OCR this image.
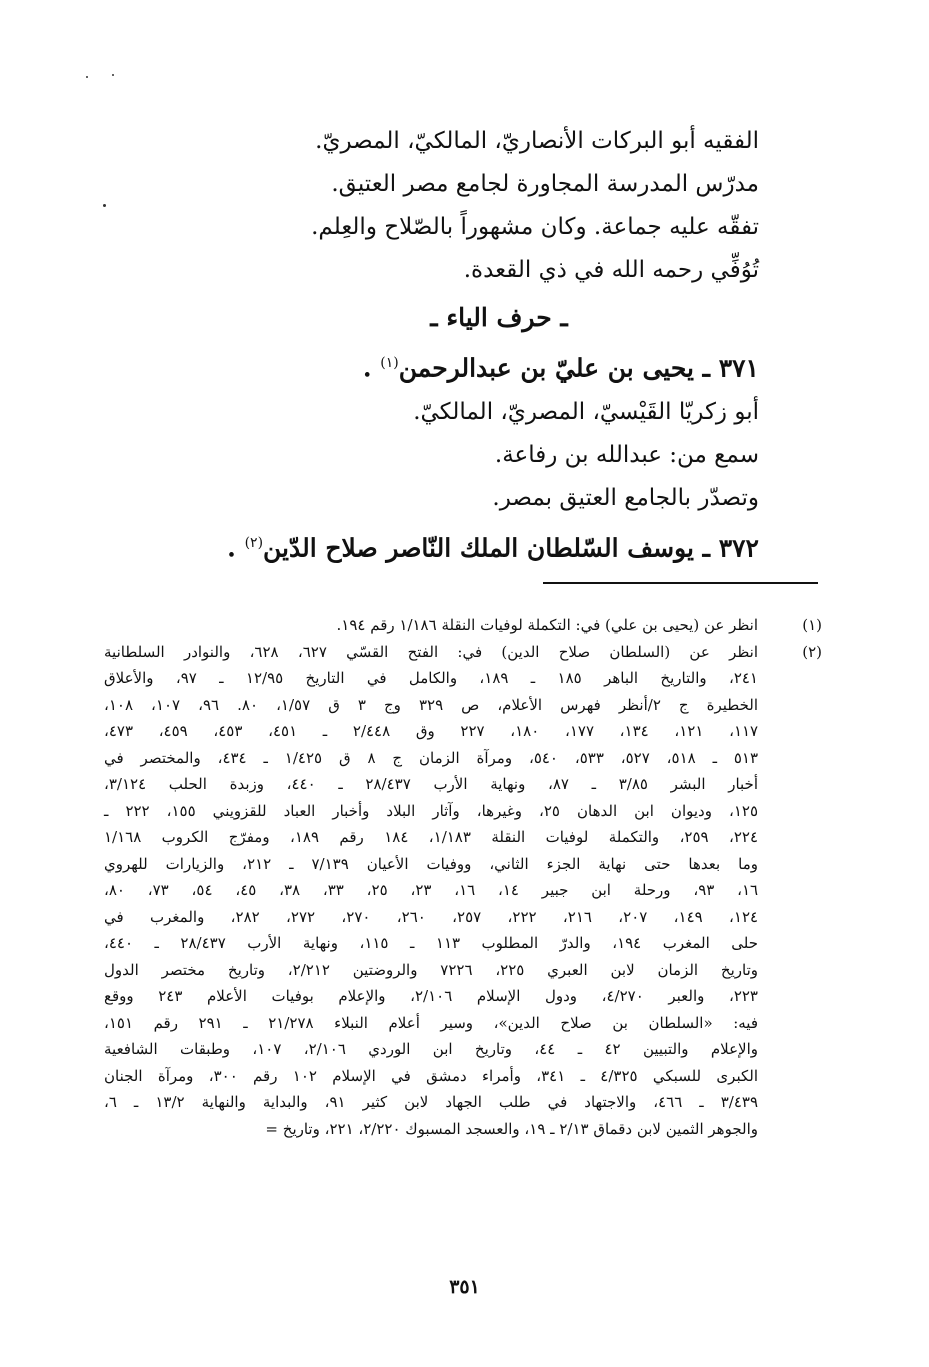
الفقيه أبو البركات الأنصاريّ، المالكيّ، المصريّ.

مدرّس المدرسة المجاورة لجامع مصر العتيق.

تفقّه عليه جماعة. وكان مشهوراً بالصّلاح والعِلم.

تُوُفِّي رحمه الله في ذي القعدة.

ـ حرف الياء ـ
٣٧١ ـ يحيى بن عليّ بن عبدالرحمن$^{(١)}$ .

أبو زكريّا القَيْسيّ، المصريّ، المالكيّ.

سمع من: عبدالله بن رفاعة.

وتصدّر بالجامع العتيق بمصر.

٣٧٢ ـ يوسف السّلطان الملك النّاصر صلاح الدّين$^{(٢)}$ .
(١)
انظر عن (يحيى بن علي) في: التكملة لوفيات النقلة ١/١٨٦ رقم ١٩٤.
(٢)
انظر عن (السلطان صلاح الدين) في: الفتح القسّي ٦٢٧، ٦٢٨، والنوادر السلطانية
٢٤١، والتاريخ الباهر ١٨٥ ـ ١٨٩، والكامل في التاريخ ١٢/٩٥ ـ ٩٧، والأعلاق
الخطيرة ج ٢/أنظر فهرس الأعلام، ص ٣٢٩ وج ٣ ق ١/٥٧، ٨٠. ٩٦، ١٠٧، ١٠٨،
١١٧، ١٢١، ١٣٤، ١٧٧، ١٨٠، ٢٢٧ وق ٢/٤٤٨ ـ ٤٥١، ٤٥٣، ٤٥٩، ٤٧٣،
٥١٣ ـ ٥١٨، ٥٢٧، ٥٣٣، ٥٤٠، ومرآة الزمان ج ٨ ق ١/٤٢٥ ـ ٤٣٤، والمختصر في
أخبار البشر ٣/٨٥ ـ ٨٧، ونهاية الأرب ٢٨/٤٣٧ ـ ٤٤٠، وزبدة الحلب ٣/١٢٤،
١٢٥، وديوان ابن الدهان ٢٥، وغيرها، وآثار البلاد وأخبار العباد للقزويني ١٥٥، ٢٢٢ ـ
٢٢٤، ٢٥٩، والتكملة لوفيات النقلة ١/١٨٣، ١٨٤ رقم ١٨٩، ومفرّج الكروب ١/١٦٨
وما بعدها حتى نهاية الجزء الثاني، ووفيات الأعيان ٧/١٣٩ ـ ٢١٢، والزيارات للهروي
١٦، ٩٣، ورحلة ابن جبير ١٤، ١٦، ٢٣، ٢٥، ٣٣، ٣٨، ٤٥، ٥٤، ٧٣، ٨٠،
١٢٤، ١٤٩، ٢٠٧، ٢١٦، ٢٢٢، ٢٥٧، ٢٦٠، ٢٧٠، ٢٧٢، ٢٨٢، والمغرب في
حلى المغرب ١٩٤، والدرّ المطلوب ١١٣ ـ ١١٥، ونهاية الأرب ٢٨/٤٣٧ ـ ٤٤٠،
وتاريخ الزمان لابن العبري ٢٢٥، ٧٢٢٦ والروضتين ٢/٢١٢، وتاريخ مختصر الدول
٢٢٣، والعبر ٤/٢٧٠، ودول الإسلام ٢/١٠٦، والإعلام بوفيات الأعلام ٢٤٣ ووقع
فيه: «السلطان بن صلاح الدين»، وسير أعلام النبلاء ٢١/٢٧٨ ـ ٢٩١ رقم ١٥١،
والإعلام والتبيين ٤٢ ـ ٤٤، وتاريخ ابن الوردي ٢/١٠٦، ١٠٧، وطبقات الشافعية
الكبرى للسبكي ٤/٣٢٥ ـ ٣٤١، وأمراء دمشق في الإسلام ١٠٢ رقم ٣٠٠، ومرآة الجنان
٣/٤٣٩ ـ ٤٦٦، والاجتهاد في طلب الجهاد لابن كثير ٩١، والبداية والنهاية ١٣/٢ ـ ٦،
والجوهر الثمين لابن دقماق ٢/١٣ ـ ١٩، والعسجد المسبوك ٢/٢٢٠، ٢٢١، وتاريخ =
٣٥١
